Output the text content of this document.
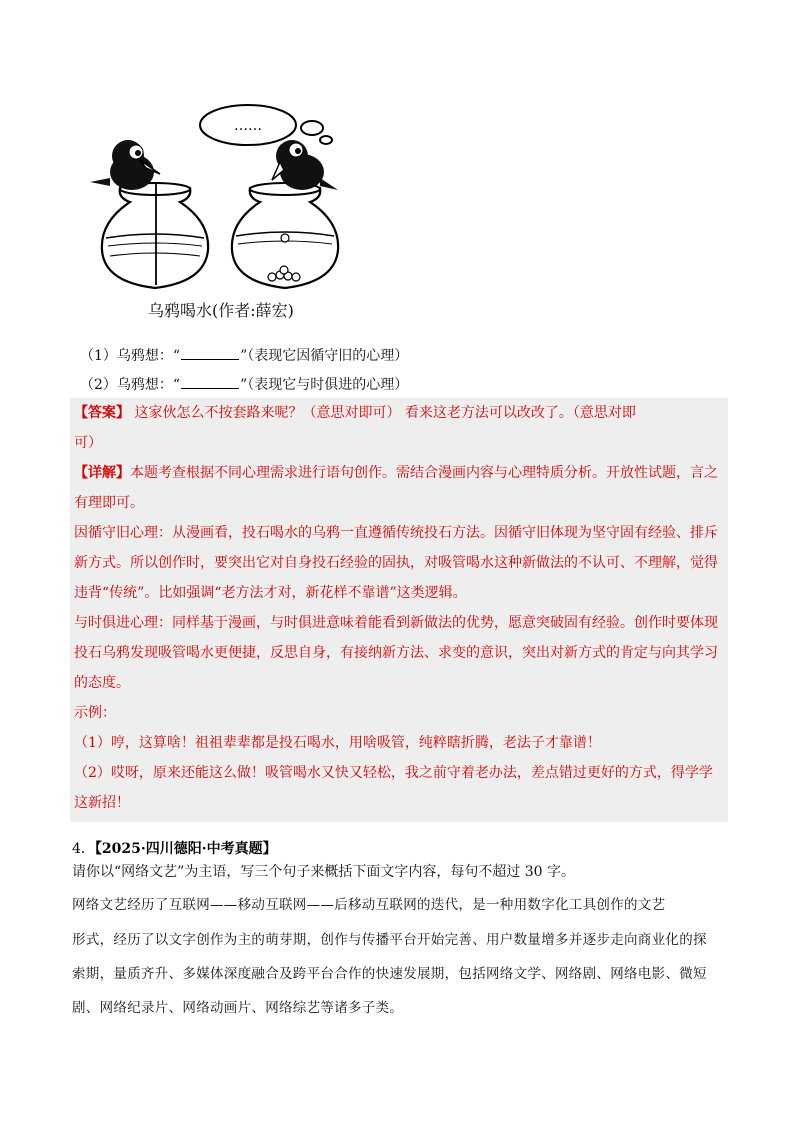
……
乌鸦喝水(作者:薛宏)
（1）乌鸦想：“	”（表现它因循守旧的心理）
（2）乌鸦想：“	”（表现它与时俱进的心理）
【答案】 这家伙怎么不按套路来呢？（意思对即可） 看来这老方法可以改改了。（意思对即
可）
【详解】本题考查根据不同心理需求进行语句创作。需结合漫画内容与心理特质分析。开放性试题，言之
有理即可。
因循守旧心理：从漫画看，投石喝水的乌鸦一直遵循传统投石方法。因循守旧体现为坚守固有经验、排斥
新方式。所以创作时，要突出它对自身投石经验的固执，对吸管喝水这种新做法的不认可、不理解，觉得
违背“传统”。比如强调“老方法才对，新花样不靠谱”这类逻辑。
与时俱进心理：同样基于漫画，与时俱进意味着能看到新做法的优势，愿意突破固有经验。创作时要体现
投石乌鸦发现吸管喝水更便捷，反思自身，有接纳新方法、求变的意识，突出对新方式的肯定与向其学习
的态度。
示例：
（1）哼，这算啥！祖祖辈辈都是投石喝水，用啥吸管，纯粹瞎折腾，老法子才靠谱！
（2）哎呀，原来还能这么做！吸管喝水又快又轻松，我之前守着老办法，差点错过更好的方式，得学学
这新招！
4．【2025·四川德阳·中考真题】
请你以“网络文艺”为主语，写三个句子来概括下面文字内容，每句不超过 30 字。
网络文艺经历了互联网——移动互联网——后移动互联网的迭代，是一种用数字化工具创作的文艺
形式，经历了以文字创作为主的萌芽期，创作与传播平台开始完善、用户数量增多并逐步走向商业化的探
索期，量质齐升、多媒体深度融合及跨平台合作的快速发展期，包括网络文学、网络剧、网络电影、微短
剧、网络纪录片、网络动画片、网络综艺等诸多子类。
